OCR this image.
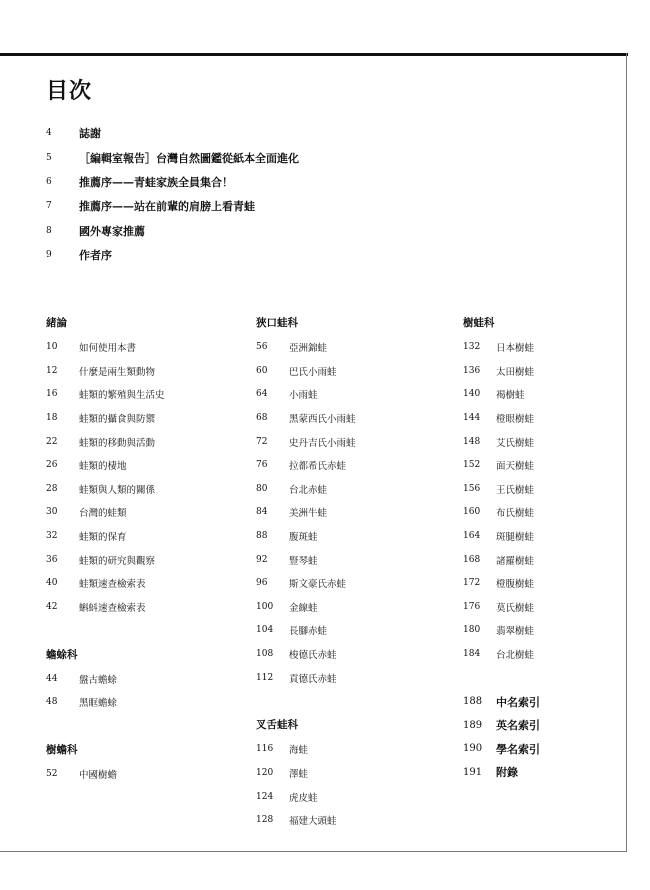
目次
4	誌謝
5	［編輯室報告］台灣自然圖鑑從紙本全面進化
6	推薦序——青蛙家族全員集合！
7	推薦序——站在前輩的肩膀上看青蛙
8	國外專家推薦
9	作者序
緒論
10	如何使用本書
12	什麼是兩生類動物
16	蛙類的繁殖與生活史
18	蛙類的攝食與防禦
22	蛙類的移動與活動
26	蛙類的棲地
28	蛙類與人類的關係
30	台灣的蛙類
32	蛙類的保育
36	蛙類的研究與觀察
40	蛙類速查檢索表
42	蝌蚪速查檢索表
蟾蜍科
44	盤古蟾蜍
48	黑眶蟾蜍
樹蟾科
52	中國樹蟾
狹口蛙科
56	亞洲錦蛙
60	巴氏小雨蛙
64	小雨蛙
68	黑蒙西氏小雨蛙
72	史丹吉氏小雨蛙
76	拉都希氏赤蛙
80	台北赤蛙
84	美洲牛蛙
88	腹斑蛙
92	豎琴蛙
96	斯文豪氏赤蛙
100	金線蛙
104	長腳赤蛙
108	梭德氏赤蛙
112	貢德氏赤蛙
叉舌蛙科
116	海蛙
120	澤蛙
124	虎皮蛙
128	福建大頭蛙
樹蛙科
132	日本樹蛙
136	太田樹蛙
140	褐樹蛙
144	橙眼樹蛙
148	艾氏樹蛙
152	面天樹蛙
156	王氏樹蛙
160	布氏樹蛙
164	斑腿樹蛙
168	諸羅樹蛙
172	橙腹樹蛙
176	莫氏樹蛙
180	翡翠樹蛙
184	台北樹蛙
188	中名索引
189	英名索引
190	學名索引
191	附錄
